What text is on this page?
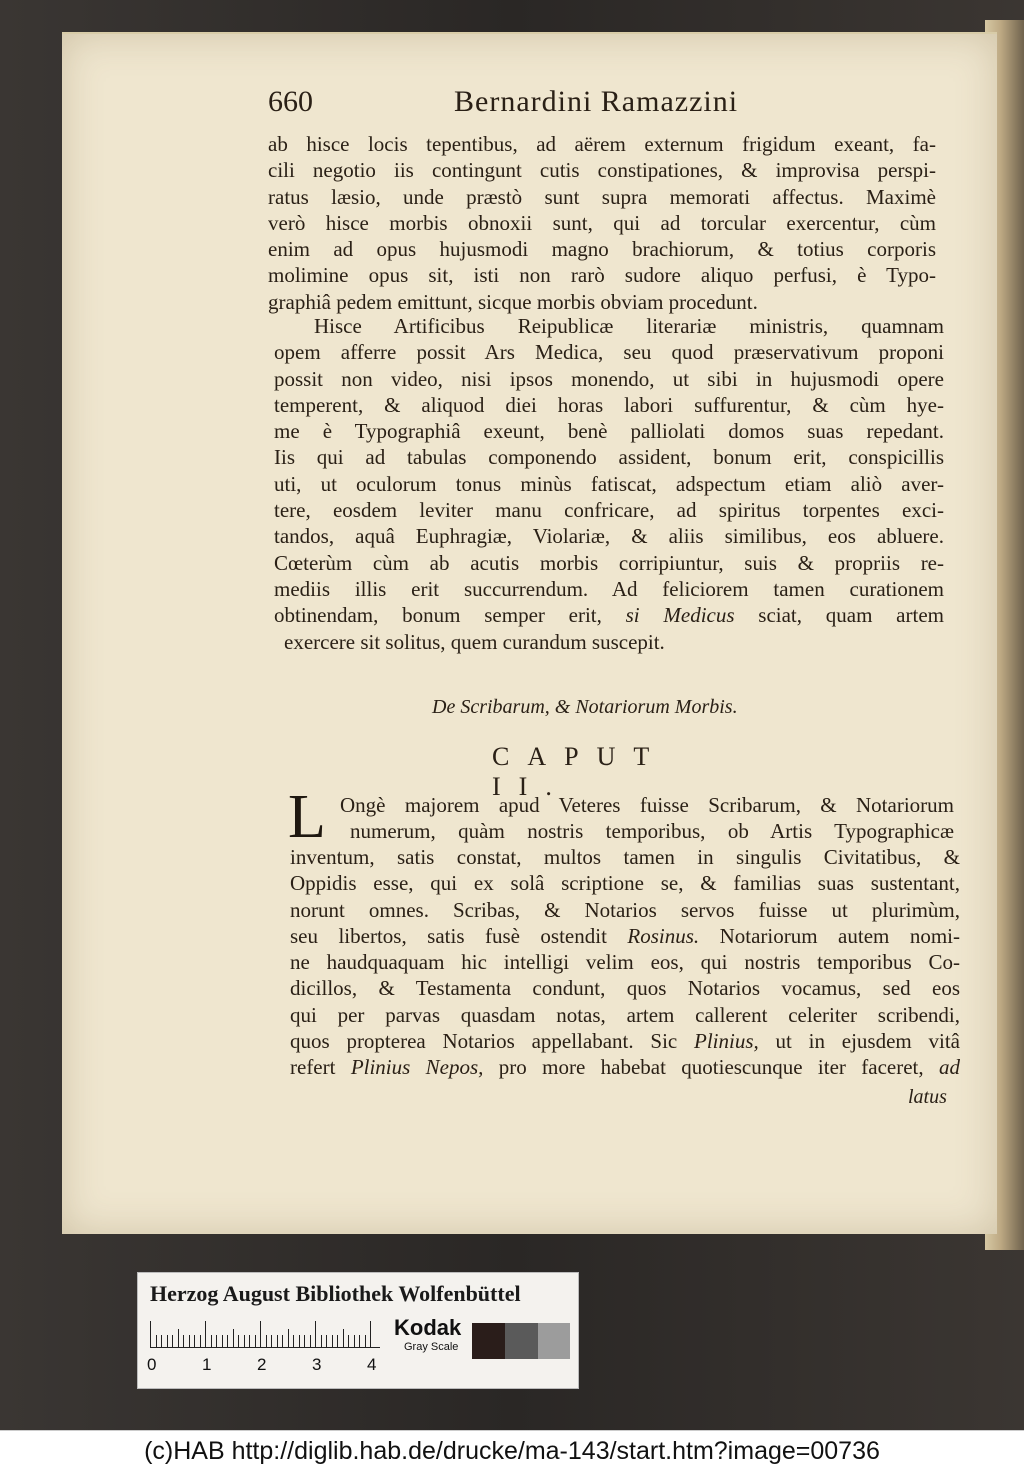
660	Bernardini Ramazzini
ab hisce locis tepentibus, ad aërem externum frigidum exeant, fa-
cili negotio iis contingunt cutis constipationes, & improvisa perspi-
ratus læsio, unde præstò sunt supra memorati affectus. Maximè
verò hisce morbis obnoxii sunt, qui ad torcular exercentur, cùm
enim ad opus hujusmodi magno brachiorum, & totius corporis
molimine opus sit, isti non rarò sudore aliquo perfusi, è Typo-
graphiâ pedem emittunt, sicque morbis obviam procedunt.
Hisce Artificibus Reipublicæ literariæ ministris, quamnam
opem afferre possit Ars Medica, seu quod præservativum proponi
possit non video, nisi ipsos monendo, ut sibi in hujusmodi opere
temperent, & aliquod diei horas labori suffurentur, & cùm hye-
me è Typographiâ exeunt, benè palliolati domos suas repedant.
Iis qui ad tabulas componendo assident, bonum erit, conspicillis
uti, ut oculorum tonus minùs fatiscat, adspectum etiam aliò aver-
tere, eosdem leviter manu confricare, ad spiritus torpentes exci-
tandos, aquâ Euphragiæ, Violariæ, & aliis similibus, eos abluere.
Cœterùm cùm ab acutis morbis corripiuntur, suis & propriis re-
mediis illis erit succurrendum. Ad feliciorem tamen curationem
obtinendam, bonum semper erit, si Medicus sciat, quam artem
exercere sit solitus, quem curandum suscepit.
De Scribarum, & Notariorum Morbis.
CAPUT II.
L Ongè majorem apud Veteres fuisse Scribarum, & Notariorum
numerum, quàm nostris temporibus, ob Artis Typographicæ
inventum, satis constat, multos tamen in singulis Civitatibus, &
Oppidis esse, qui ex solâ scriptione se, & familias suas sustentant,
norunt omnes. Scribas, & Notarios servos fuisse ut plurimùm,
seu libertos, satis fusè ostendit Rosinus. Notariorum autem nomi-
ne haudquaquam hic intelligi velim eos, qui nostris temporibus Co-
dicillos, & Testamenta condunt, quos Notarios vocamus, sed eos
qui per parvas quasdam notas, artem callerent celeriter scribendi,
quos propterea Notarios appellabant. Sic Plinius, ut in ejusdem vitâ
refert Plinius Nepos, pro more habebat quotiescunque iter faceret, ad
latus
Herzog August Bibliothek Wolfenbüttel
0	1	2	3	4
Kodak
Gray Scale
(c)HAB http://diglib.hab.de/drucke/ma-143/start.htm?image=00736
